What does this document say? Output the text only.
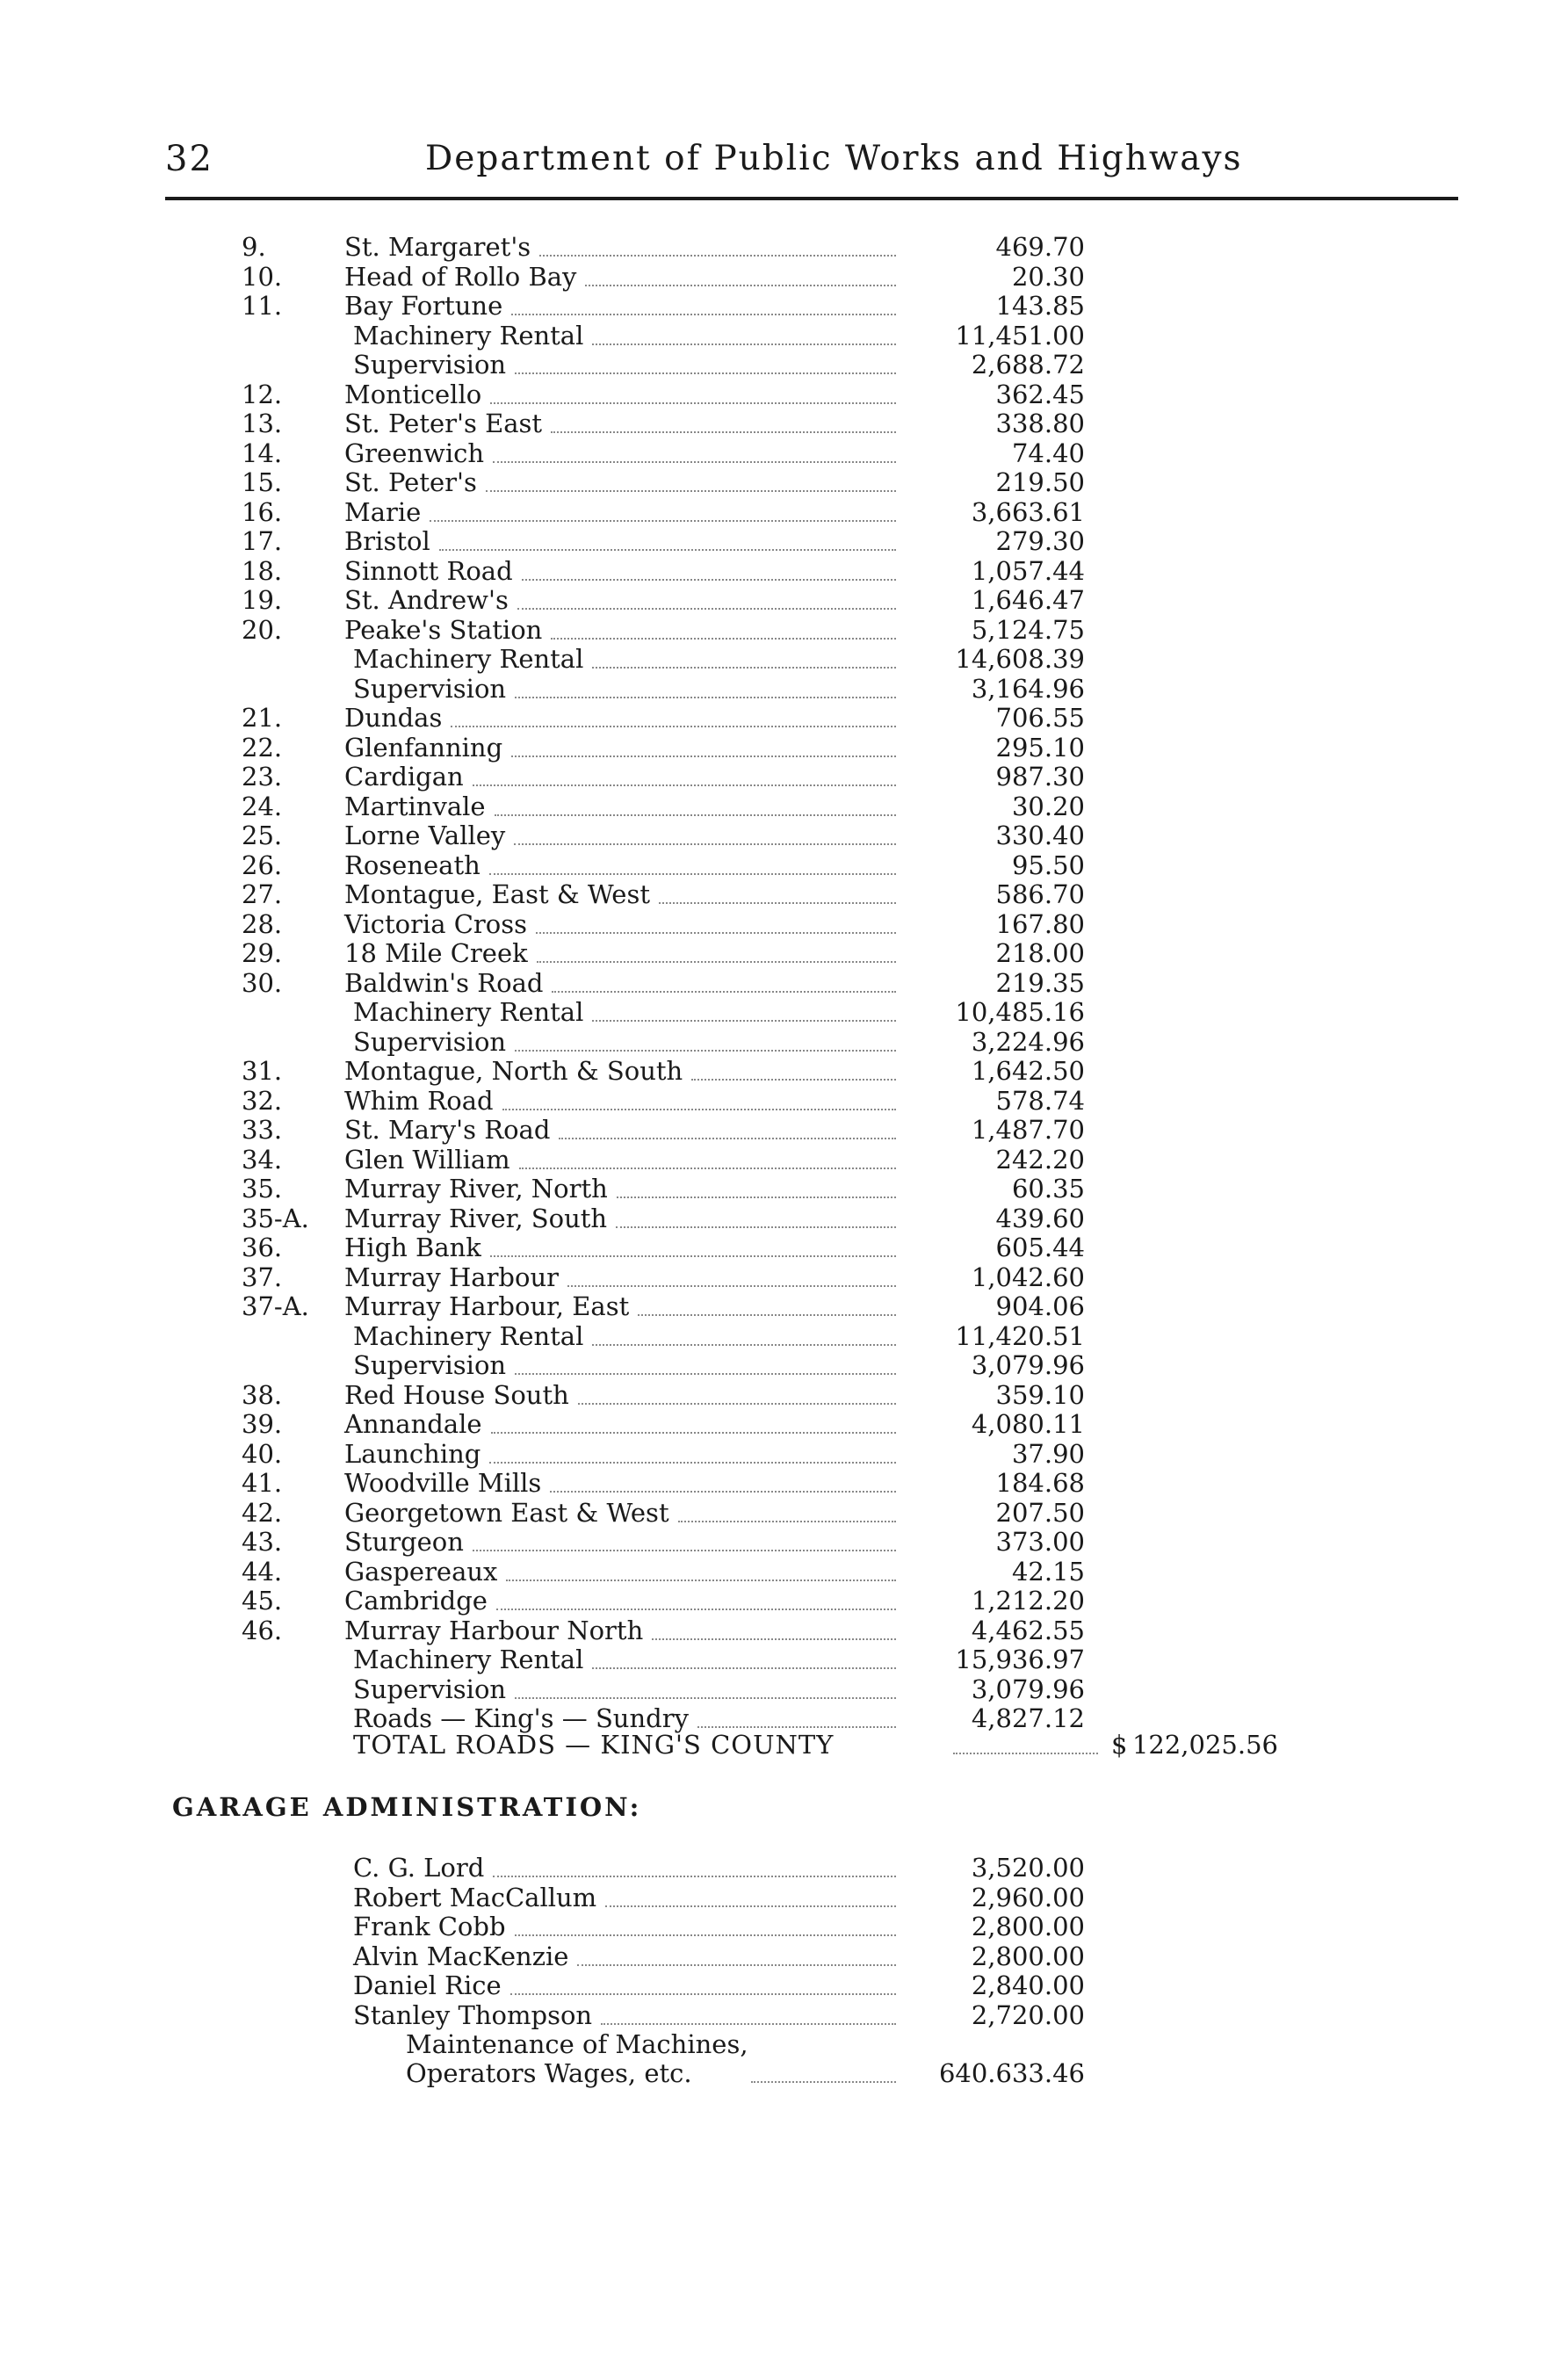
32	Department of Public Works and Highways
9.	St. Margaret's	469.70
10.	Head of Rollo Bay	20.30
11.	Bay Fortune	143.85
Machinery Rental	11,451.00
Supervision	2,688.72
12.	Monticello	362.45
13.	St. Peter's East	338.80
14.	Greenwich	74.40
15.	St. Peter's	219.50
16.	Marie	3,663.61
17.	Bristol	279.30
18.	Sinnott Road	1,057.44
19.	St. Andrew's	1,646.47
20.	Peake's Station	5,124.75
Machinery Rental	14,608.39
Supervision	3,164.96
21.	Dundas	706.55
22.	Glenfanning	295.10
23.	Cardigan	987.30
24.	Martinvale	30.20
25.	Lorne Valley	330.40
26.	Roseneath	95.50
27.	Montague, East & West	586.70
28.	Victoria Cross	167.80
29.	18 Mile Creek	218.00
30.	Baldwin's Road	219.35
Machinery Rental	10,485.16
Supervision	3,224.96
31.	Montague, North & South	1,642.50
32.	Whim Road	578.74
33.	St. Mary's Road	1,487.70
34.	Glen William	242.20
35.	Murray River, North	60.35
35-A.	Murray River, South	439.60
36.	High Bank	605.44
37.	Murray Harbour	1,042.60
37-A.	Murray Harbour, East	904.06
Machinery Rental	11,420.51
Supervision	3,079.96
38.	Red House South	359.10
39.	Annandale	4,080.11
40.	Launching	37.90
41.	Woodville Mills	184.68
42.	Georgetown East & West	207.50
43.	Sturgeon	373.00
44.	Gaspereaux	42.15
45.	Cambridge	1,212.20
46.	Murray Harbour North	4,462.55
Machinery Rental	15,936.97
Supervision	3,079.96
Roads — King's — Sundry	4,827.12
TOTAL ROADS — KING'S COUNTY	$ 122,025.56
GARAGE ADMINISTRATION:
C. G. Lord	3,520.00
Robert MacCallum	2,960.00
Frank Cobb	2,800.00
Alvin MacKenzie	2,800.00
Daniel Rice	2,840.00
Stanley Thompson	2,720.00
Maintenance of Machines,
Operators Wages, etc.	640.633.46
